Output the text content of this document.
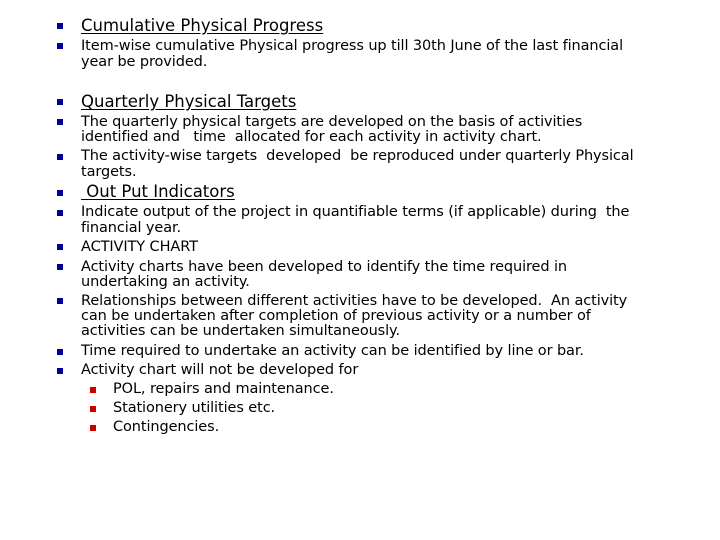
Cumulative Physical Progress
Item-wise cumulative Physical progress up till 30th June of the last financial
year be provided.
Quarterly Physical Targets
The quarterly physical targets are developed on the basis of activities
identified and   time  allocated for each activity in activity chart.
The activity-wise targets  developed  be reproduced under quarterly Physical
targets.
Out Put Indicators
Indicate output of the project in quantifiable terms (if applicable) during  the
financial year.
ACTIVITY CHART
Activity charts have been developed to identify the time required in
undertaking an activity.
Relationships between different activities have to be developed.  An activity
can be undertaken after completion of previous activity or a number of
activities can be undertaken simultaneously.
Time required to undertake an activity can be identified by line or bar.
Activity chart will not be developed for
POL, repairs and maintenance.
Stationery utilities etc.
Contingencies.
